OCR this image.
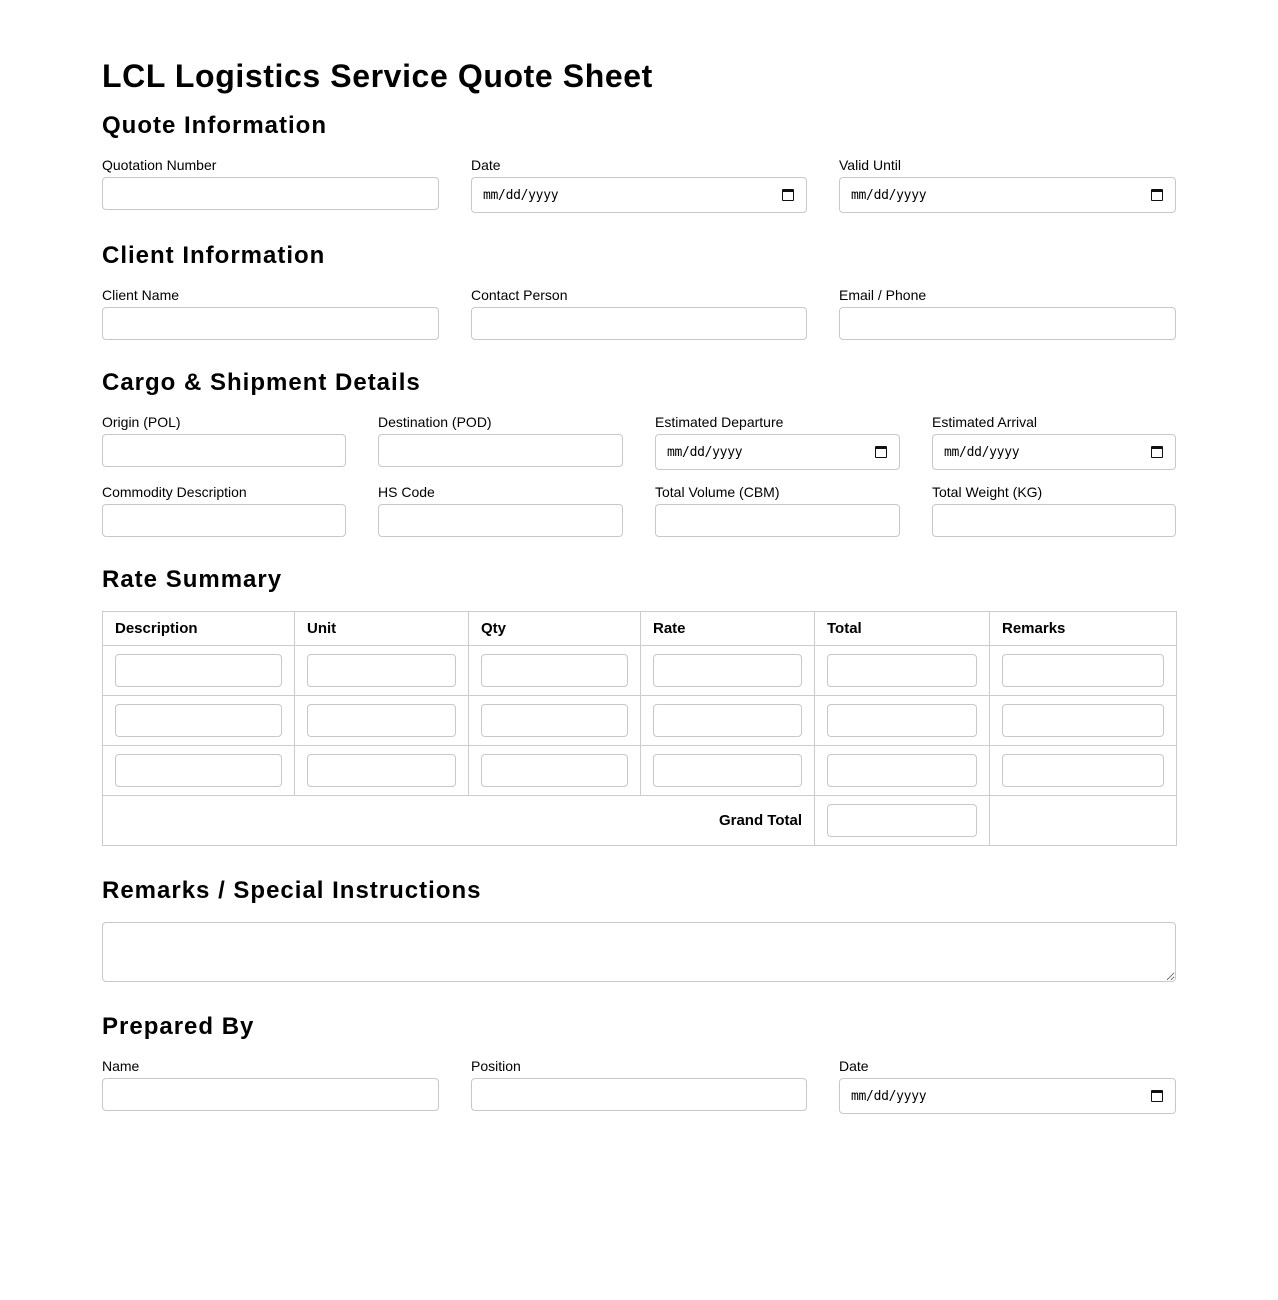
LCL Logistics Service Quote Sheet
Quote Information
Quotation Number	Date
mm/dd/yyyy
Valid Until
mm/dd/yyyy
Client Information
Client Name	Contact Person	Email / Phone
Cargo & Shipment Details
Origin (POL)	Destination (POD)	Estimated Departure
mm/dd/yyyy
Estimated Arrival
mm/dd/yyyy
Commodity Description	HS Code	Total Volume (CBM)	Total Weight (KG)
Rate Summary
Description	Unit	Qty	Rate	Total	Remarks

Grand Total	

Remarks / Special Instructions
Prepared By
Name	Position	Date
mm/dd/yyyy
